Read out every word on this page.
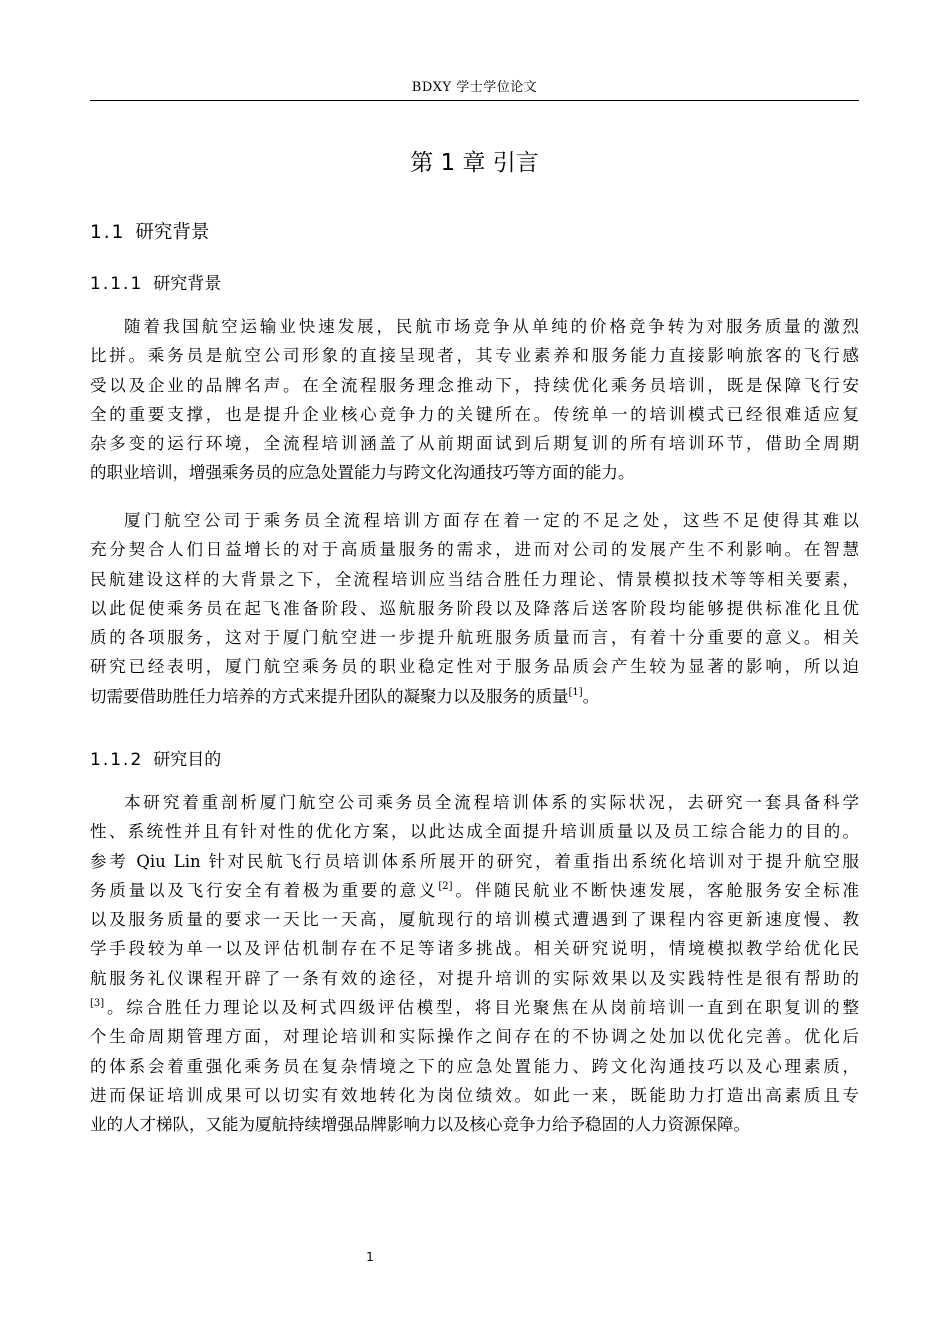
BDXY 学士学位论文
第 1 章 引言
1.1 研究背景
1.1.1 研究背景
随着我国航空运输业快速发展，民航市场竞争从单纯的价格竞争转为对服务质量的激烈
比拼。乘务员是航空公司形象的直接呈现者，其专业素养和服务能力直接影响旅客的飞行感
受以及企业的品牌名声。在全流程服务理念推动下，持续优化乘务员培训，既是保障飞行安
全的重要支撑，也是提升企业核心竞争力的关键所在。传统单一的培训模式已经很难适应复
杂多变的运行环境，全流程培训涵盖了从前期面试到后期复训的所有培训环节，借助全周期
的职业培训，增强乘务员的应急处置能力与跨文化沟通技巧等方面的能力。
厦门航空公司于乘务员全流程培训方面存在着一定的不足之处，这些不足使得其难以
充分契合人们日益增长的对于高质量服务的需求，进而对公司的发展产生不利影响。在智慧
民航建设这样的大背景之下，全流程培训应当结合胜任力理论、情景模拟技术等等相关要素，
以此促使乘务员在起飞准备阶段、巡航服务阶段以及降落后送客阶段均能够提供标准化且优
质的各项服务，这对于厦门航空进一步提升航班服务质量而言，有着十分重要的意义。相关
研究已经表明，厦门航空乘务员的职业稳定性对于服务品质会产生较为显著的影响，所以迫
切需要借助胜任力培养的方式来提升团队的凝聚力以及服务的质量[1]。
1.1.2 研究目的
本研究着重剖析厦门航空公司乘务员全流程培训体系的实际状况，去研究一套具备科学
性、系统性并且有针对性的优化方案，以此达成全面提升培训质量以及员工综合能力的目的。
参考 Qiu Lin 针对民航飞行员培训体系所展开的研究，着重指出系统化培训对于提升航空服
务质量以及飞行安全有着极为重要的意义[2]。伴随民航业不断快速发展，客舱服务安全标准
以及服务质量的要求一天比一天高，厦航现行的培训模式遭遇到了课程内容更新速度慢、教
学手段较为单一以及评估机制存在不足等诸多挑战。相关研究说明，情境模拟教学给优化民
航服务礼仪课程开辟了一条有效的途径，对提升培训的实际效果以及实践特性是很有帮助的
[3]。综合胜任力理论以及柯式四级评估模型，将目光聚焦在从岗前培训一直到在职复训的整
个生命周期管理方面，对理论培训和实际操作之间存在的不协调之处加以优化完善。优化后
的体系会着重强化乘务员在复杂情境之下的应急处置能力、跨文化沟通技巧以及心理素质，
进而保证培训成果可以切实有效地转化为岗位绩效。如此一来，既能助力打造出高素质且专
业的人才梯队，又能为厦航持续增强品牌影响力以及核心竞争力给予稳固的人力资源保障。
1
